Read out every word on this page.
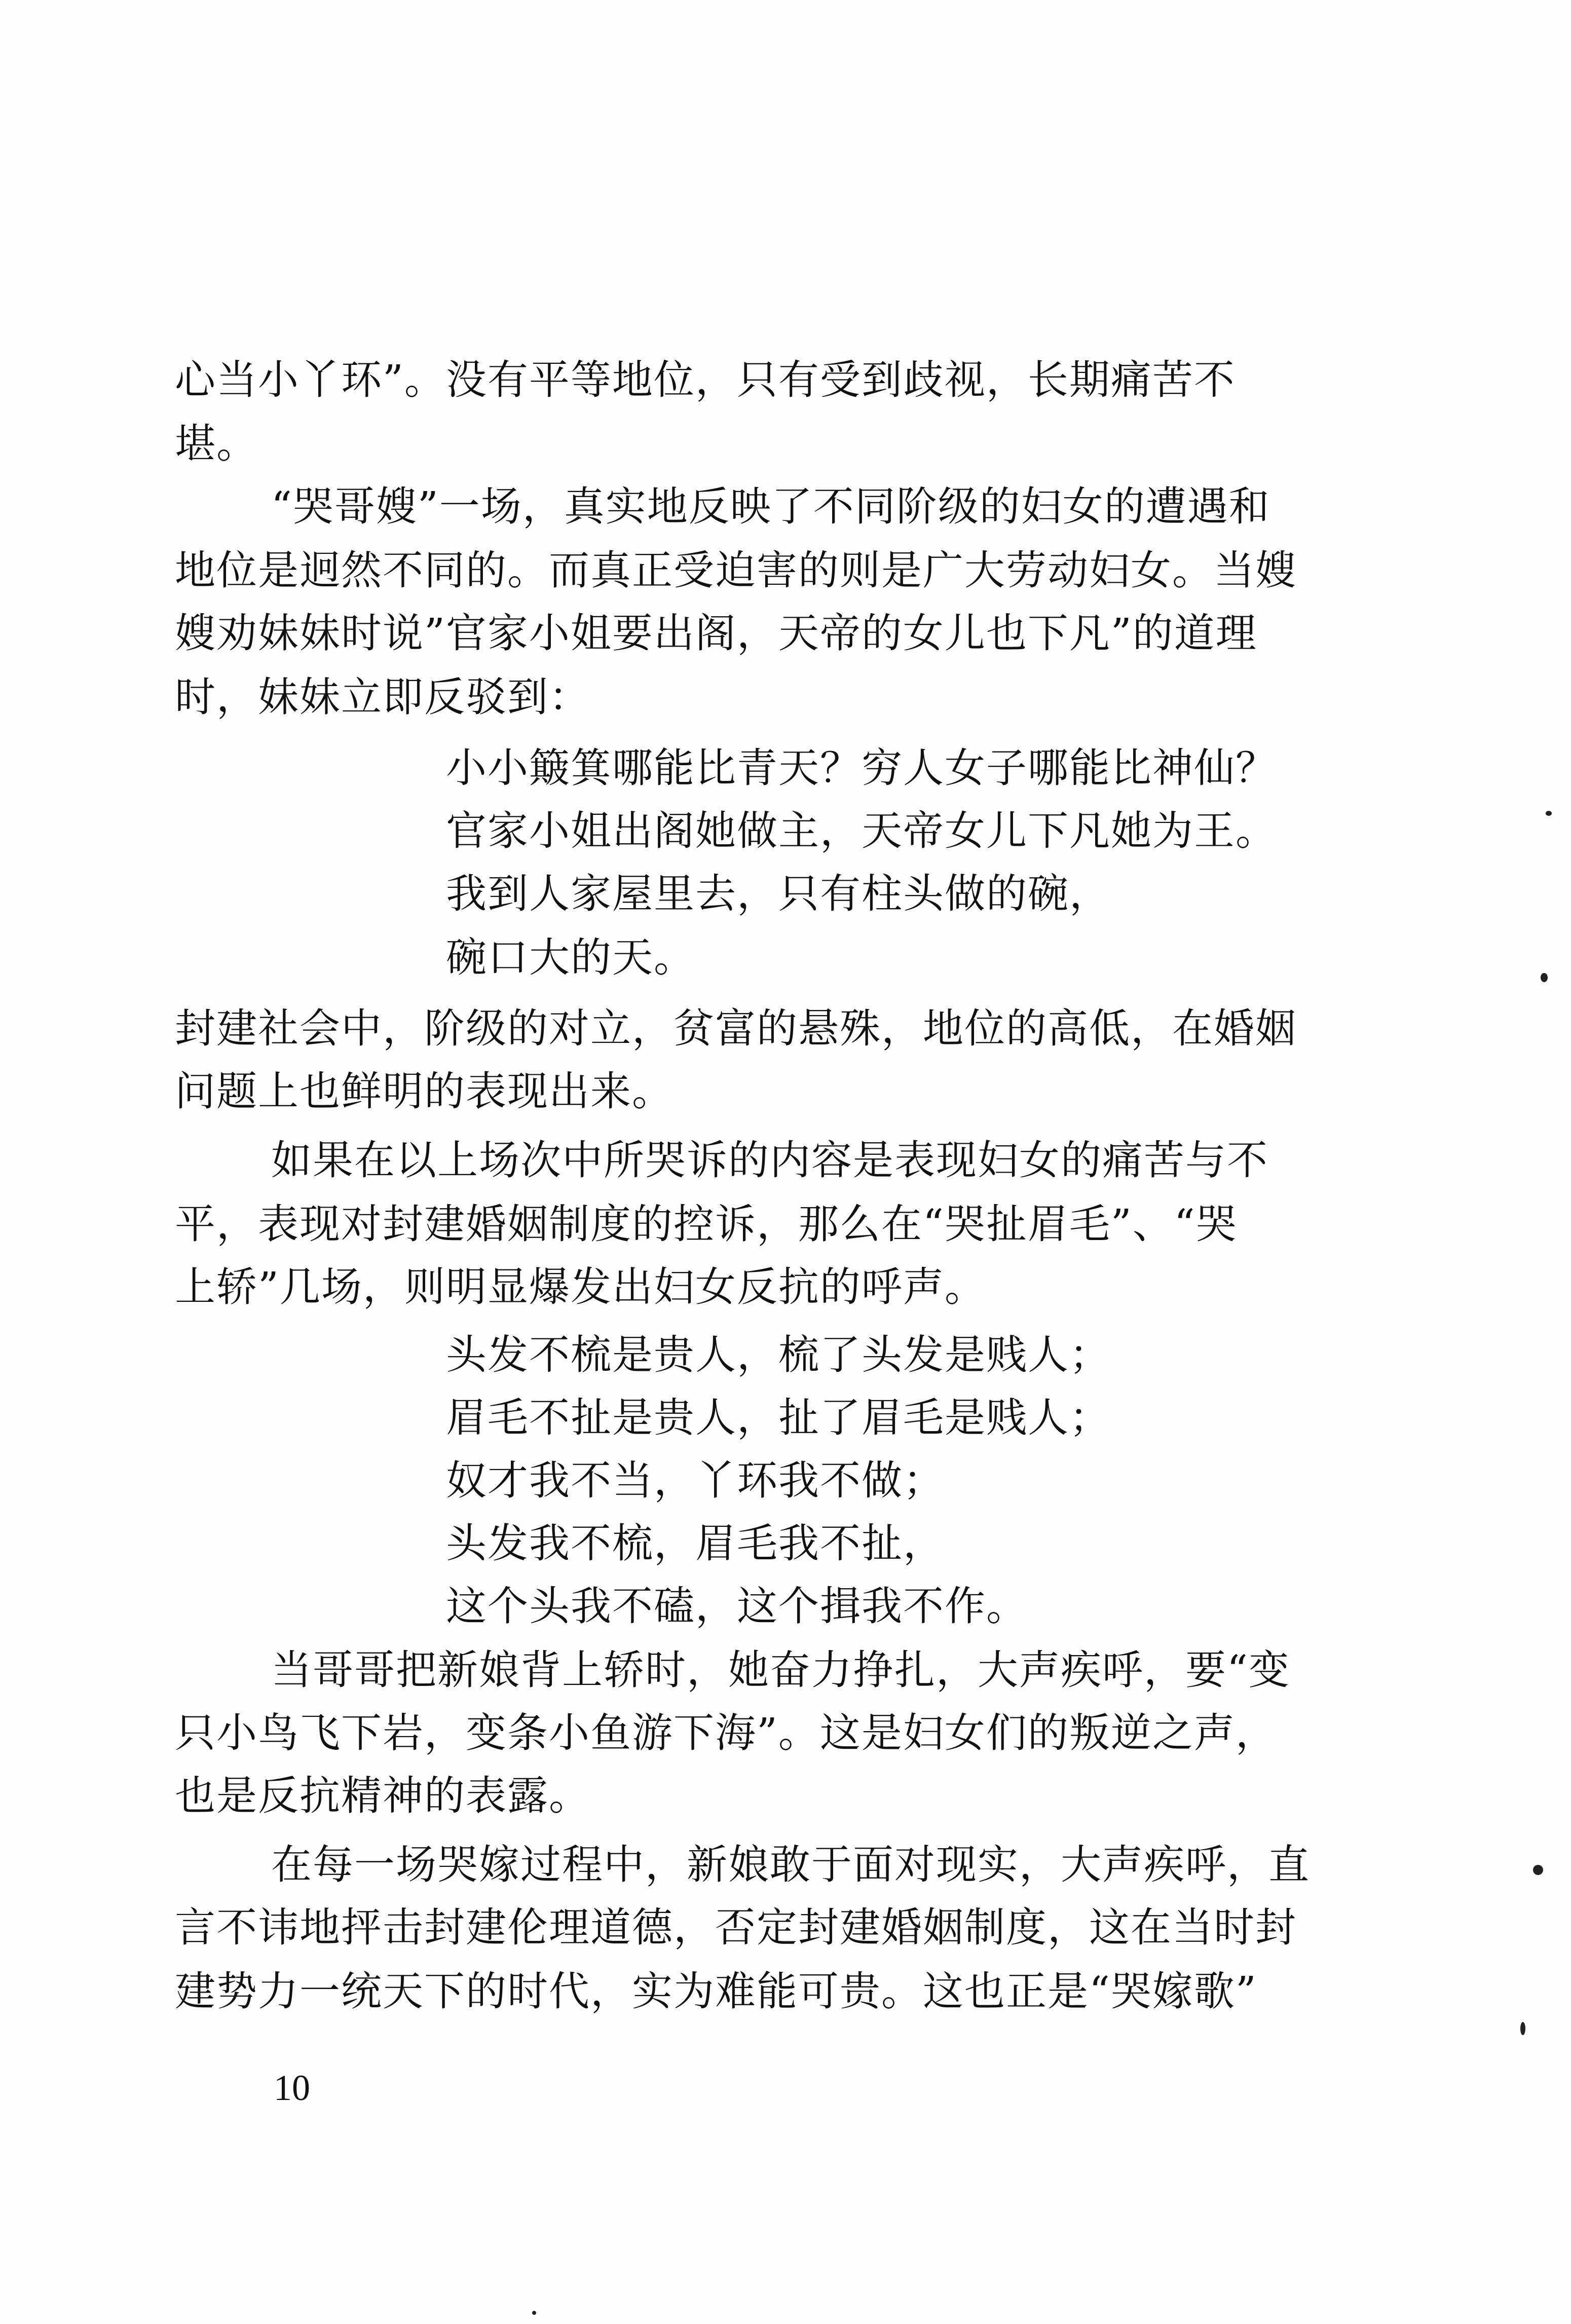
心当小丫环”。没有平等地位，只有受到歧视，长期痛苦不
堪。
“哭哥嫂”一场，真实地反映了不同阶级的妇女的遭遇和
地位是迥然不同的。而真正受迫害的则是广大劳动妇女。当嫂
嫂劝妹妹时说”官家小姐要出阁，天帝的女儿也下凡”的道理
时，妹妹立即反驳到：
小小簸箕哪能比青天？穷人女子哪能比神仙？
官家小姐出阁她做主，天帝女儿下凡她为王。
我到人家屋里去，只有柱头做的碗，
碗口大的天。
封建社会中，阶级的对立，贫富的悬殊，地位的高低，在婚姻
问题上也鲜明的表现出来。
如果在以上场次中所哭诉的内容是表现妇女的痛苦与不
平，表现对封建婚姻制度的控诉，那么在“哭扯眉毛”、“哭
上轿”几场，则明显爆发出妇女反抗的呼声。
头发不梳是贵人，梳了头发是贱人；
眉毛不扯是贵人，扯了眉毛是贱人；
奴才我不当，丫环我不做；
头发我不梳，眉毛我不扯，
这个头我不磕，这个揖我不作。
当哥哥把新娘背上轿时，她奋力挣扎，大声疾呼，要“变
只小鸟飞下岩，变条小鱼游下海”。这是妇女们的叛逆之声，
也是反抗精神的表露。
在每一场哭嫁过程中，新娘敢于面对现实，大声疾呼，直
言不讳地抨击封建伦理道德，否定封建婚姻制度，这在当时封
建势力一统天下的时代，实为难能可贵。这也正是“哭嫁歌”
10
